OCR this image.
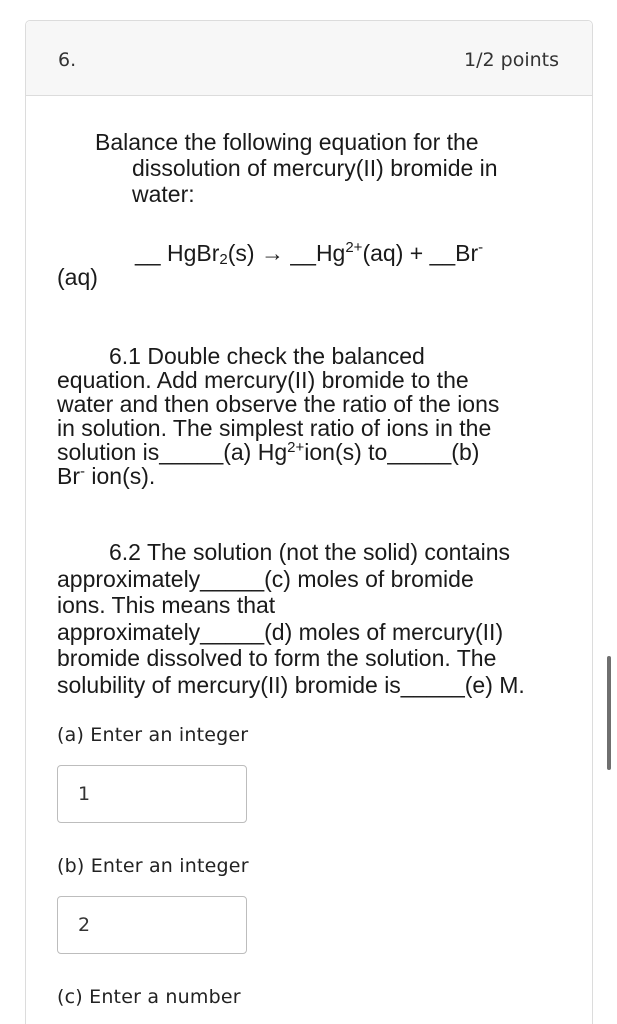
6.	1/2 points
Balance the following equation for the
dissolution of mercury(II) bromide in
water:
__ HgBr$_2$(s) → $\_\_Hg^{2+}(aq)$ + __Br-
(aq)
6.1 Double check the balanced
equation. Add mercury(II) bromide to the
water and then observe the ratio of the ions
in solution. The simplest ratio of ions in the
solution is_____(a) $Hg^{2+}ion(s)$ to_____(b)
Br- ion(s).
6.2 The solution (not the solid) contains
approximately_____(c) moles of bromide
ions. This means that
approximately_____(d) moles of mercury(II)
bromide dissolved to form the solution. The
solubility of mercury(II) bromide is_____(e) M.
(a) Enter an integer
1
(b) Enter an integer
2
(c) Enter a number
